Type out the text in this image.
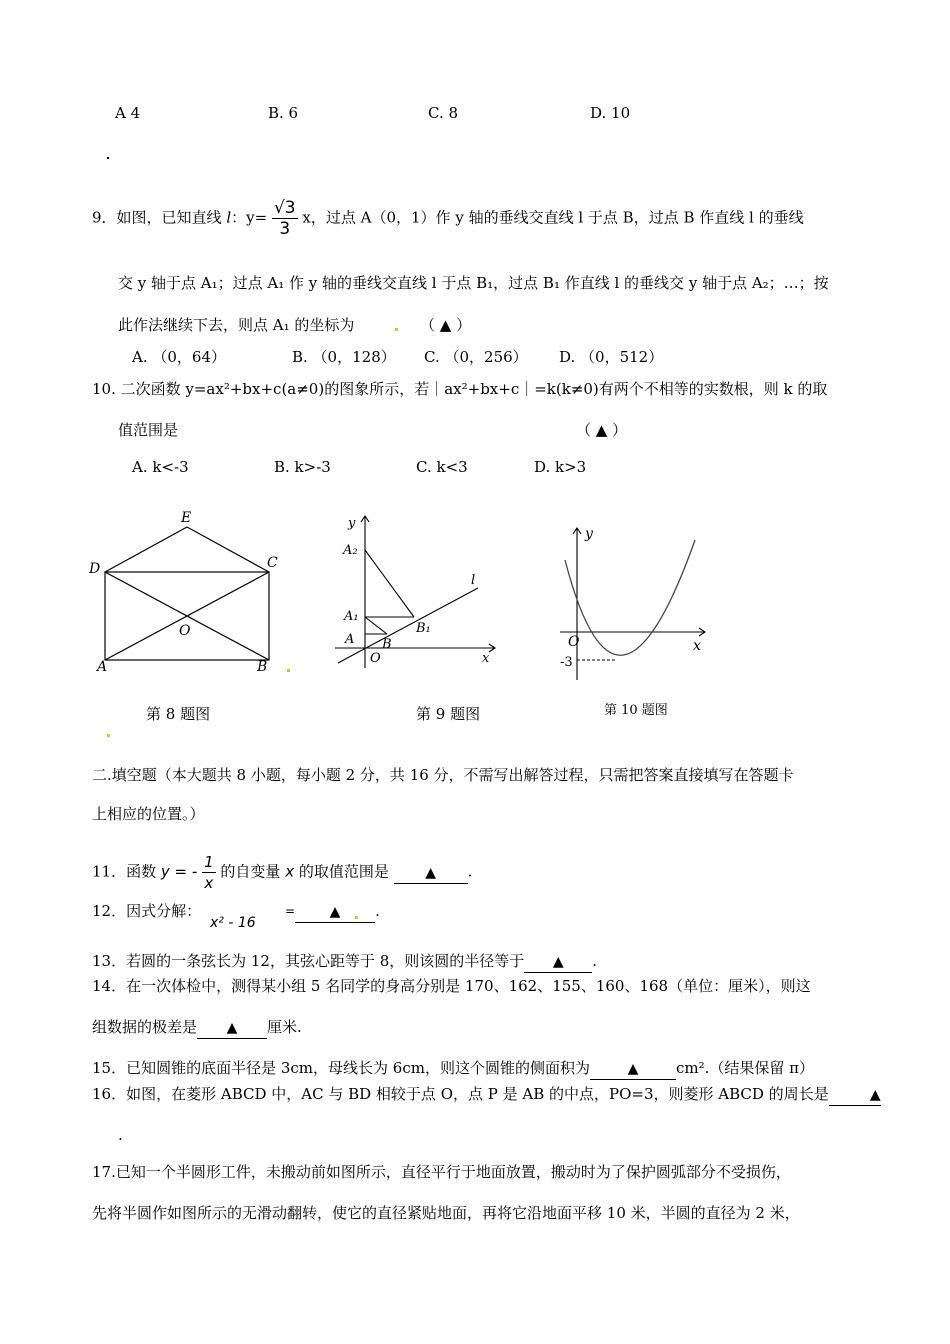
A 4	B. 6	C. 8	D. 10
9．如图，已知直线 l：$y= \frac{√3}{3}$ x，过点 A（0，1）作 y 轴的垂线交直线 l 于点 B，过点 B 作直线 l 的垂线
交 y 轴于点 A₁；过点 A₁ 作 y 轴的垂线交直线 l 于点 B₁，过点 B₁ 作直线 l 的垂线交 y 轴于点 A₂；…；按
此作法继续下去，则点 A₁ 的坐标为	（ ▲ ）
A. （0，64）	B. （0，128） C. （0，256） D. （0，512）
10. 二次函数 y=ax²+bx+c(a≠0)的图象所示，若｜ax²+bx+c｜=k(k≠0)有两个不相等的实数根，则 k 的取
值范围是	（ ▲ ）
A. k<-3	B. k>-3	C. k<3	D. k>3
E
D	C
O
A	B
y
A₂
l
A₁
B₁
A B
O	x
y
O	x
-3
第 8 题图	第 9 题图	第 10 题图
二.填空题（本大题共 8 小题，每小题 2 分，共 16 分，不需写出解答过程，只需把答案直接填写在答题卡
上相应的位置。）
11．函数 y = - $\frac{1}{x}$ 的自变量 x 的取值范围是	▲ .
12．因式分解：
x² - 16
= ▲ .
13．若圆的一条弦长为 12，其弦心距等于 8，则该圆的半径等于 ▲ .
14．在一次体检中，测得某小组 5 名同学的身高分别是 170、162、155、160、168（单位：厘米），则这
组数据的极差是 ▲ 厘米.
15．已知圆锥的底面半径是 3cm，母线长为 6cm，则这个圆锥的侧面积为	▲	cm².（结果保留 π）
16．如图，在菱形 ABCD 中，AC 与 BD 相较于点 O，点 P 是 AB 的中点，PO=3，则菱形 ABCD 的周长是	▲
.
17.已知一个半圆形工件，未搬动前如图所示，直径平行于地面放置，搬动时为了保护圆弧部分不受损伤，
先将半圆作如图所示的无滑动翻转，使它的直径紧贴地面，再将它沿地面平移 10 米，半圆的直径为 2 米，
